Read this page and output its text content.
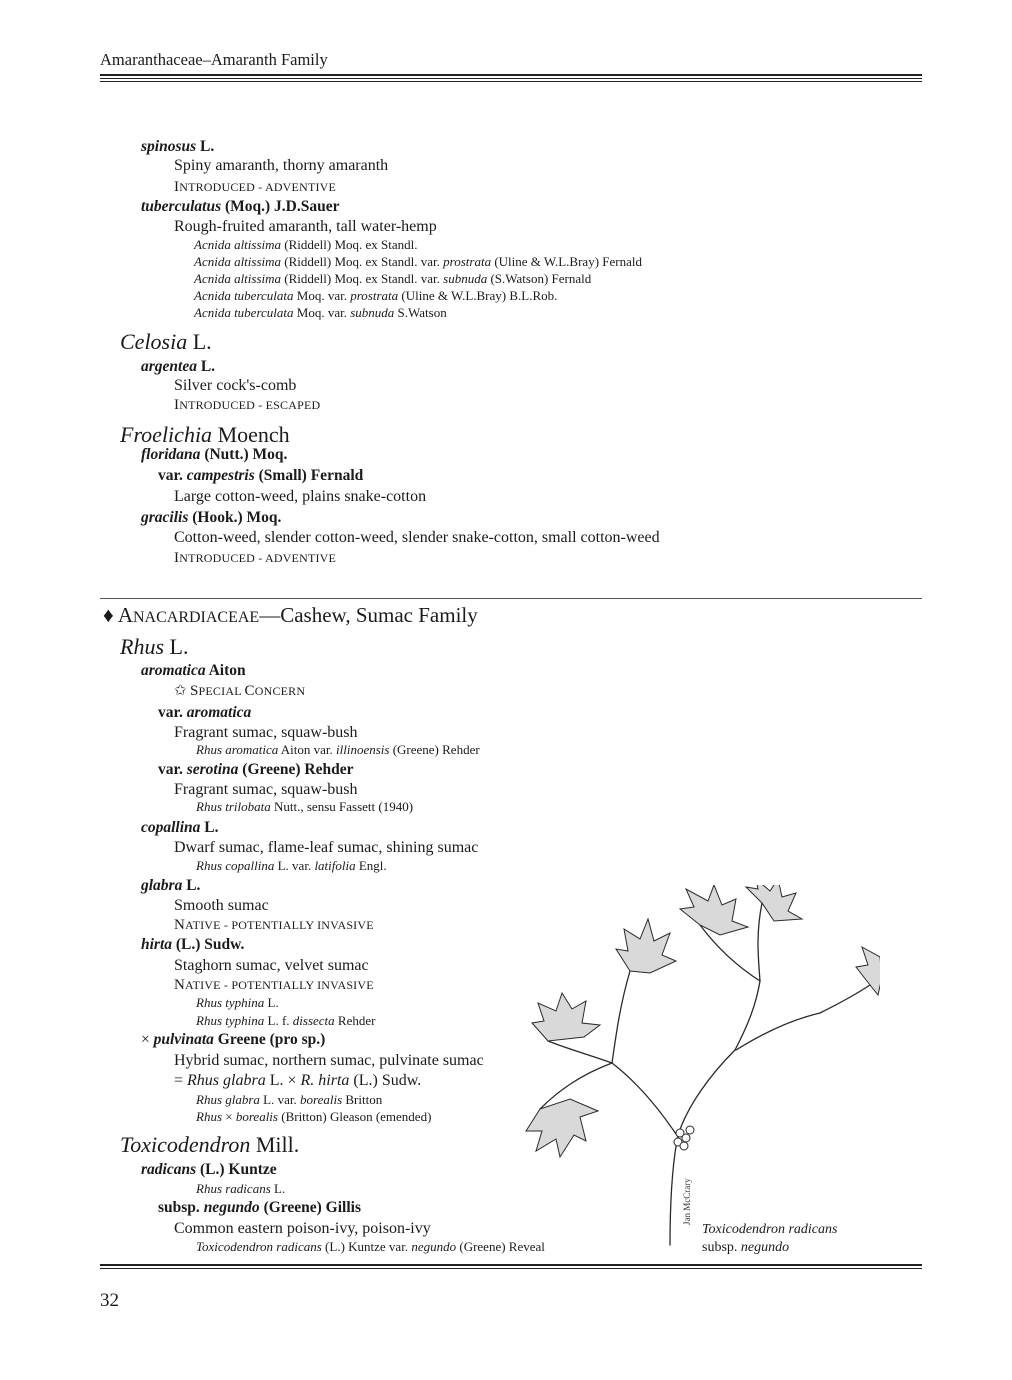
Amaranthaceae–Amaranth Family
spinosus L.
Spiny amaranth, thorny amaranth
INTRODUCED - ADVENTIVE
tuberculatus (Moq.) J.D.Sauer
Rough-fruited amaranth, tall water-hemp
Acnida altissima (Riddell) Moq. ex Standl.
Acnida altissima (Riddell) Moq. ex Standl. var. prostrata (Uline & W.L.Bray) Fernald
Acnida altissima (Riddell) Moq. ex Standl. var. subnuda (S.Watson) Fernald
Acnida tuberculata Moq. var. prostrata (Uline & W.L.Bray) B.L.Rob.
Acnida tuberculata Moq. var. subnuda S.Watson
Celosia L.
argentea L.
Silver cock's-comb
INTRODUCED - ESCAPED
Froelichia Moench
floridana (Nutt.) Moq.
var. campestris (Small) Fernald
Large cotton-weed, plains snake-cotton
gracilis (Hook.) Moq.
Cotton-weed, slender cotton-weed, slender snake-cotton, small cotton-weed
INTRODUCED - ADVENTIVE
♦ ANACARDIACEAE—Cashew, Sumac Family
Rhus L.
aromatica Aiton
✩ SPECIAL CONCERN
var. aromatica
Fragrant sumac, squaw-bush
Rhus aromatica Aiton var. illinoensis (Greene) Rehder
var. serotina (Greene) Rehder
Fragrant sumac, squaw-bush
Rhus trilobata Nutt., sensu Fassett (1940)
copallina L.
Dwarf sumac, flame-leaf sumac, shining sumac
Rhus copallina L. var. latifolia Engl.
glabra L.
Smooth sumac
NATIVE - POTENTIALLY INVASIVE
hirta (L.) Sudw.
Staghorn sumac, velvet sumac
NATIVE - POTENTIALLY INVASIVE
Rhus typhina L.
Rhus typhina L. f. dissecta Rehder
× pulvinata Greene (pro sp.)
Hybrid sumac, northern sumac, pulvinate sumac
= Rhus glabra L. × R. hirta (L.) Sudw.
Rhus glabra L. var. borealis Britton
Rhus × borealis (Britton) Gleason (emended)
Toxicodendron Mill.
radicans (L.) Kuntze
Rhus radicans L.
subsp. negundo (Greene) Gillis
Common eastern poison-ivy, poison-ivy
Toxicodendron radicans (L.) Kuntze var. negundo (Greene) Reveal
Jan McCrary
Toxicodendron radicans
subsp. negundo
32
